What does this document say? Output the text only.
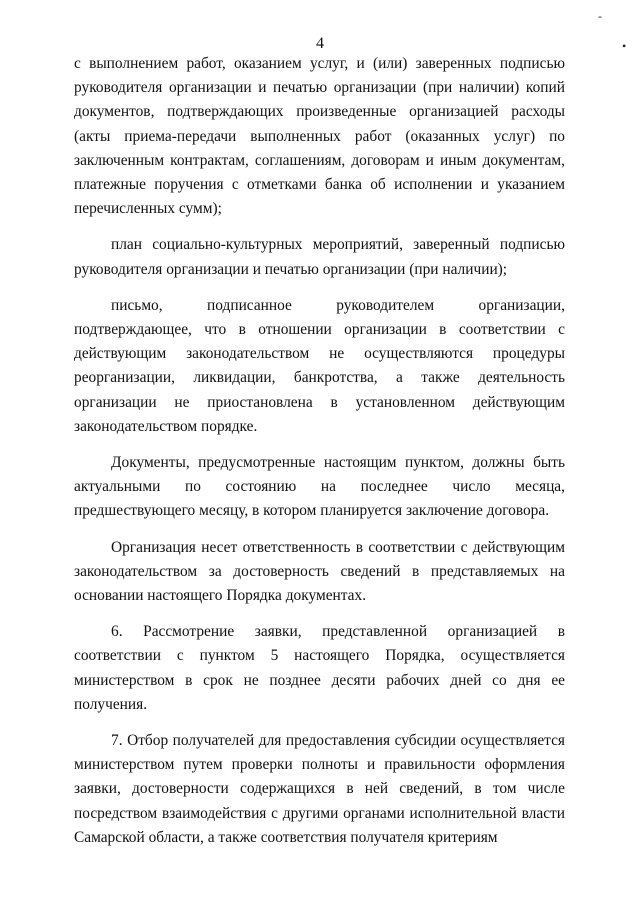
-
•
4

с выполнением работ, оказанием услуг, и (или) заверенных подписью руководителя организации и печатью организации (при наличии) копий документов, подтверждающих произведенные организацией расходы (акты приема-передачи выполненных работ (оказанных услуг) по заключенным контрактам, соглашениям, договорам и иным документам, платежные поручения с отметками банка об исполнении и указанием перечисленных сумм);

план социально-культурных мероприятий, заверенный подписью руководителя организации и печатью организации (при наличии);

письмо, подписанное руководителем организации, подтверждающее, что в отношении организации в соответствии с действующим законодательством не осуществляются процедуры реорганизации, ликвидации, банкротства, а также деятельность организации не приостановлена в установленном действующим законодательством порядке.

Документы, предусмотренные настоящим пунктом, должны быть актуальными по состоянию на последнее число месяца, предшествующего месяцу, в котором планируется заключение договора.

Организация несет ответственность в соответствии с действующим законодательством за достоверность сведений в представляемых на основании настоящего Порядка документах.

6. Рассмотрение заявки, представленной организацией в соответствии с пунктом 5 настоящего Порядка, осуществляется министерством в срок не позднее десяти рабочих дней со дня ее получения.

7. Отбор получателей для предоставления субсидии осуществляется министерством путем проверки полноты и правильности оформления заявки, достоверности содержащихся в ней сведений, в том числе посредством взаимодействия с другими органами исполнительной власти Самарской области, а также соответствия получателя критериям
